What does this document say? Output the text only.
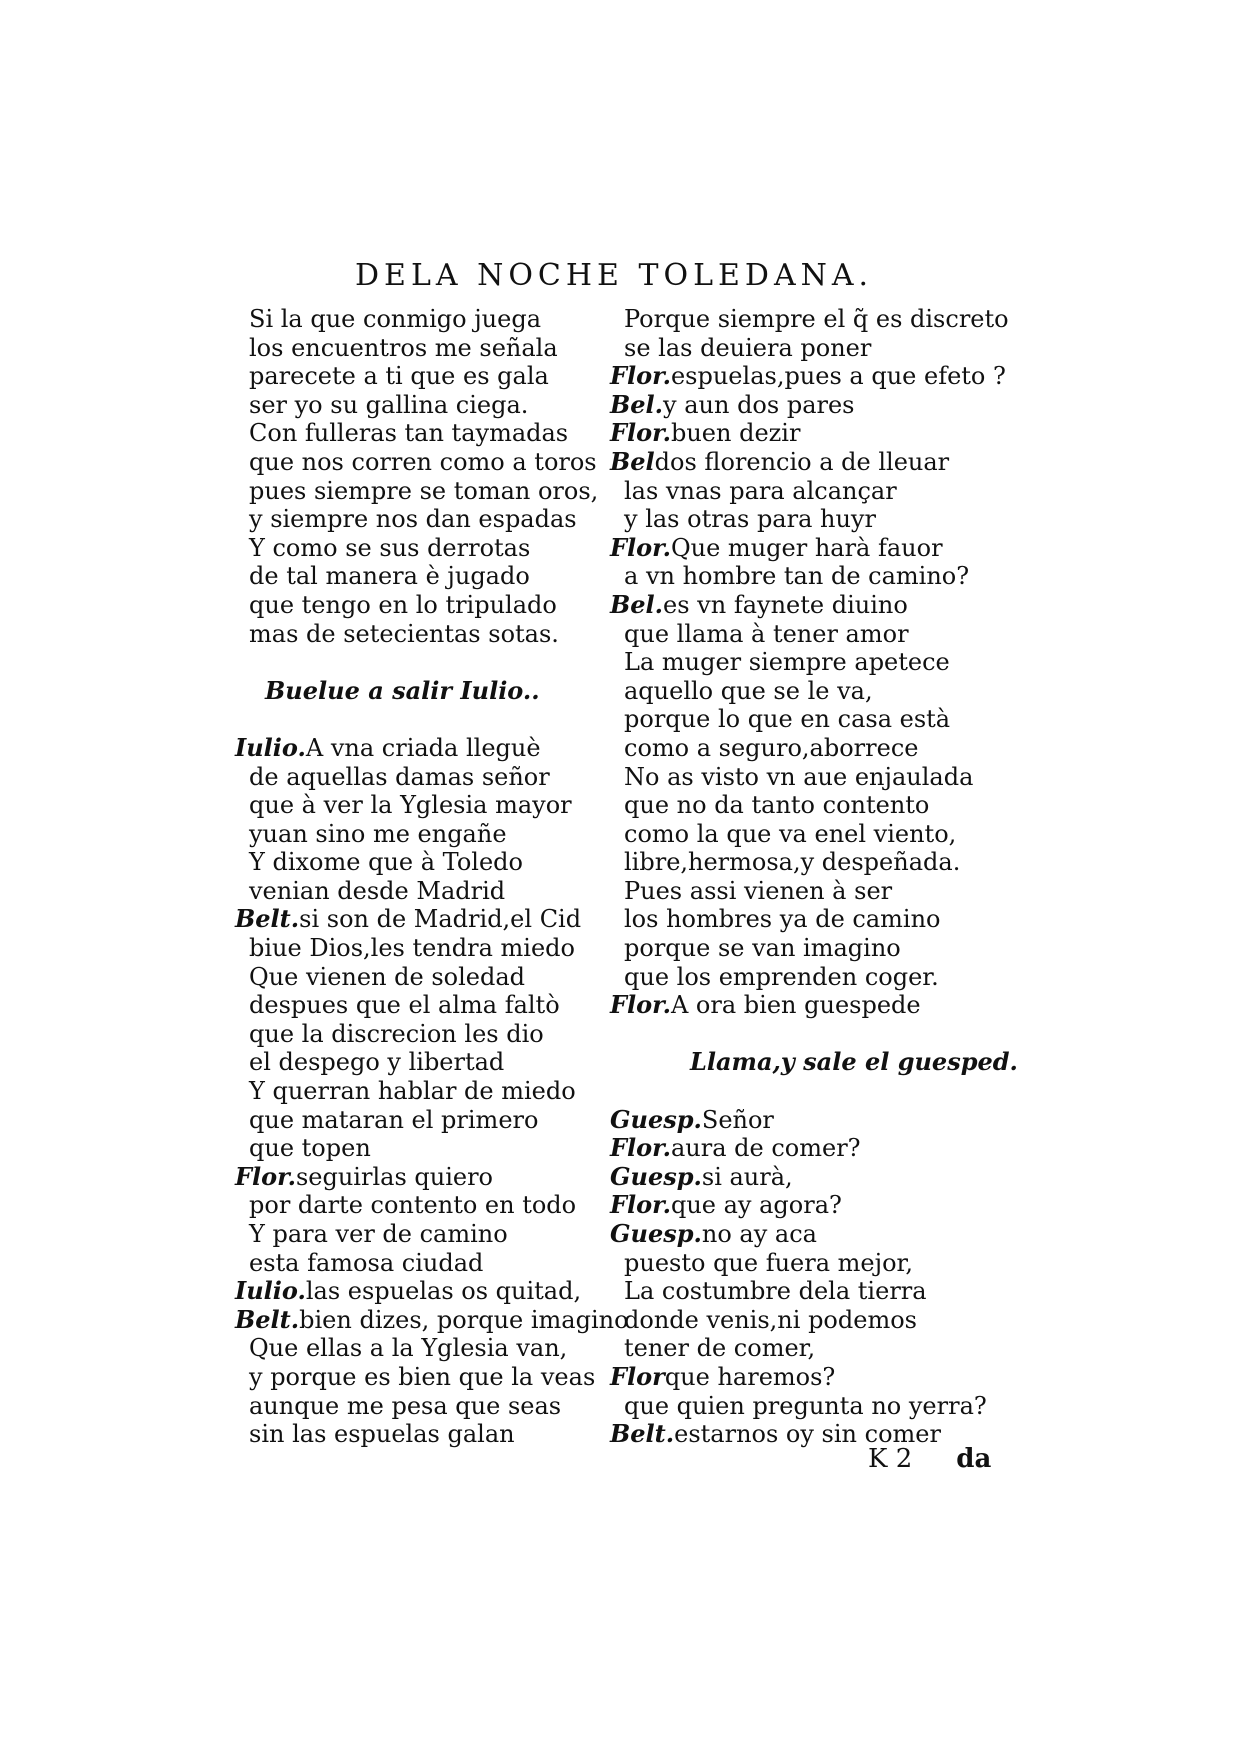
DELA NOCHE TOLEDANA.
Si la que conmigo juega
los encuentros me señala
parecete a ti que es gala
ser yo su gallina ciega.
Con fulleras tan taymadas
que nos corren como a toros
pues siempre se toman oros,
y siempre nos dan espadas
Y como se sus derrotas
de tal manera è jugado
que tengo en lo tripulado
mas de setecientas sotas.
Buelue a salir Iulio..
Iulio.A vna criada lleguè
de aquellas damas señor
que à ver la Yglesia mayor
yuan sino me engañe
Y dixome que à Toledo
venian desde Madrid
Belt.si son de Madrid,el Cid
biue Dios,les tendra miedo
Que vienen de soledad
despues que el alma faltò
que la discrecion les dio
el despego y libertad
Y querran hablar de miedo
que mataran el primero
que topen
Flor.seguirlas quiero
por darte contento en todo
Y para ver de camino
esta famosa ciudad
Iulio.las espuelas os quitad,
Belt.bien dizes, porque imagino
Que ellas a la Yglesia van,
y porque es bien que la veas
aunque me pesa que seas
sin las espuelas galan
Porque siempre el q̃ es discreto
se las deuiera poner
Flor.espuelas,pues a que efeto ?
Bel.y aun dos pares
Flor.buen dezir
Beldos florencio a de lleuar
las vnas para alcançar
y las otras para huyr
Flor.Que muger harà fauor
a vn hombre tan de camino?
Bel.es vn faynete diuino
que llama à tener amor
La muger siempre apetece
aquello que se le va,
porque lo que en casa està
como a seguro,aborrece
No as visto vn aue enjaulada
que no da tanto contento
como la que va enel viento,
libre,hermosa,y despeñada.
Pues assi vienen à ser
los hombres ya de camino
porque se van imagino
que los emprenden coger.
Flor.A ora bien guespede
Llama,y sale el guesped.
Guesp.Señor
Flor.aura de comer?
Guesp.si aurà,
Flor.que ay agora?
Guesp.no ay aca
puesto que fuera mejor,
La costumbre dela tierra
donde venis,ni podemos
tener de comer,
Florque haremos?
que quien pregunta no yerra?
Belt.estarnos oy sin comer
K 2 da
